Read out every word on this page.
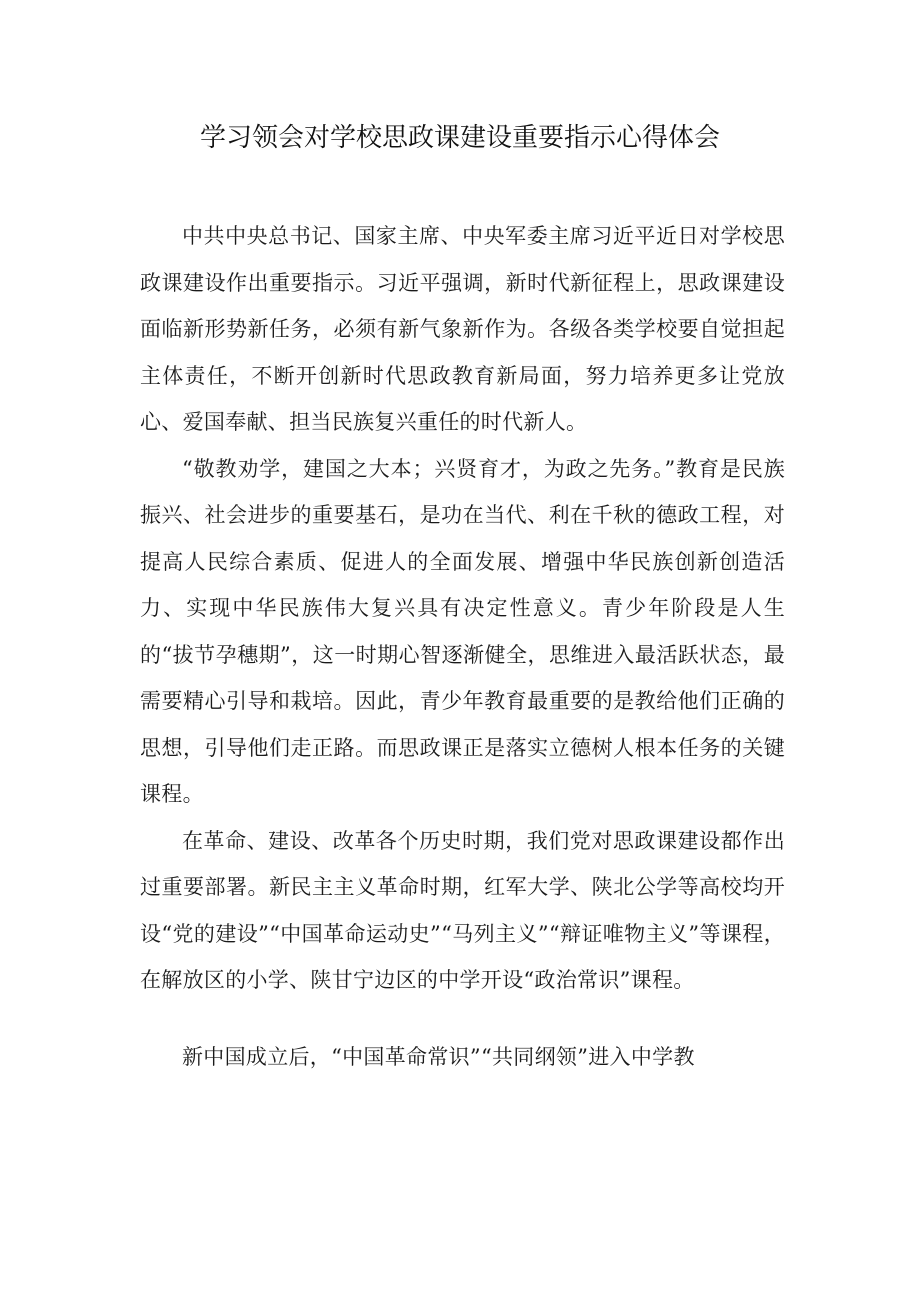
学习领会对学校思政课建设重要指示心得体会

中共中央总书记、国家主席、中央军委主席习近平近日对学校思政课建设作出重要指示。习近平强调，新时代新征程上，思政课建设面临新形势新任务，必须有新气象新作为。各级各类学校要自觉担起主体责任，不断开创新时代思政教育新局面，努力培养更多让党放心、爱国奉献、担当民族复兴重任的时代新人。

“敬教劝学，建国之大本；兴贤育才，为政之先务。”教育是民族振兴、社会进步的重要基石，是功在当代、利在千秋的德政工程，对提高人民综合素质、促进人的全面发展、增强中华民族创新创造活力、实现中华民族伟大复兴具有决定性意义。青少年阶段是人生的“拔节孕穗期”，这一时期心智逐渐健全，思维进入最活跃状态，最需要精心引导和栽培。因此，青少年教育最重要的是教给他们正确的思想，引导他们走正路。而思政课正是落实立德树人根本任务的关键课程。

在革命、建设、改革各个历史时期，我们党对思政课建设都作出过重要部署。新民主主义革命时期，红军大学、陕北公学等高校均开设“党的建设”“中国革命运动史”“马列主义”“辩证唯物主义”等课程，在解放区的小学、陕甘宁边区的中学开设“政治常识”课程。

新中国成立后，“中国革命常识”“共同纲领”进入中学教
